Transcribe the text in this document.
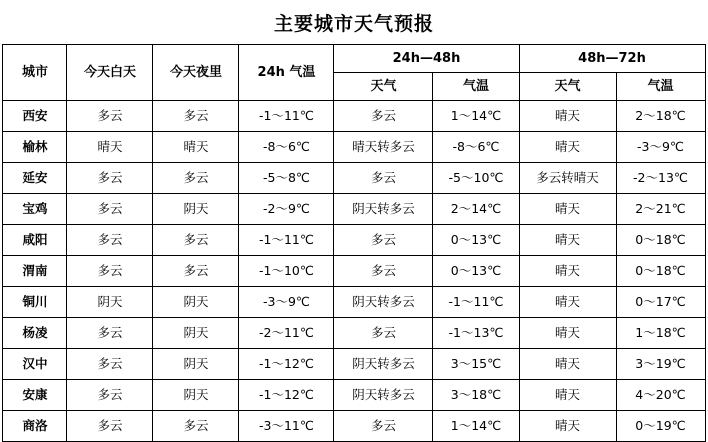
主要城市天气预报
城市	今天白天	今天夜里	24h 气温	24h—48h		48h—72h	
				天气	气温	天气	气温
西安	多云	多云	-1～11℃	多云	1～14℃	晴天	2～18℃
榆林	晴天	晴天	-8～6℃	晴天转多云	-8～6℃	晴天	-3～9℃
延安	多云	多云	-5～8℃	多云	-5～10℃	多云转晴天	-2～13℃
宝鸡	多云	阴天	-2～9℃	阴天转多云	2～14℃	晴天	2～21℃
咸阳	多云	多云	-1～11℃	多云	0～13℃	晴天	0～18℃
渭南	多云	多云	-1～10℃	多云	0～13℃	晴天	0～18℃
铜川	阴天	阴天	-3～9℃	阴天转多云	-1～11℃	晴天	0～17℃
杨凌	多云	阴天	-2～11℃	多云	-1～13℃	晴天	1～18℃
汉中	多云	阴天	-1～12℃	阴天转多云	3～15℃	晴天	3～19℃
安康	多云	阴天	-1～12℃	阴天转多云	3～18℃	晴天	4～20℃
商洛	多云	多云	-3～11℃	多云	1～14℃	晴天	0～19℃
